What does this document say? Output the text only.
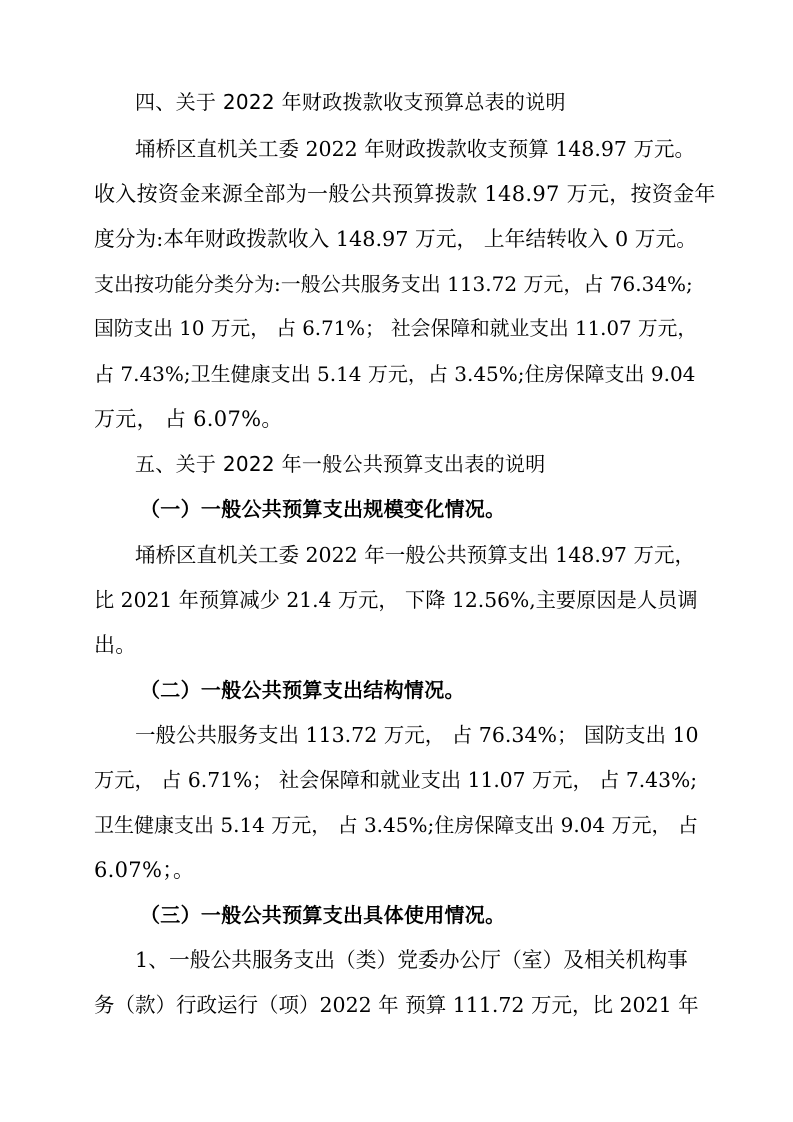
四、关于 2022 年财政拨款收支预算总表的说明
埇桥区直机关工委 2022 年财政拨款收支预算 148.97 万元。
收入按资金来源全部为一般公共预算拨款 148.97 万元，按资金年
度分为:本年财政拨款收入 148.97 万元， 上年结转收入 0 万元。
支出按功能分类分为:一般公共服务支出 113.72 万元，占 76.34%;
国防支出 10 万元， 占 6.71%； 社会保障和就业支出 11.07 万元，
占 7.43%;卫生健康支出 5.14 万元，占 3.45%;住房保障支出 9.04
万元， 占 6.07%。
五、关于 2022 年一般公共预算支出表的说明
（一）一般公共预算支出规模变化情况。
埇桥区直机关工委 2022 年一般公共预算支出 148.97 万元，
比 2021 年预算减少 21.4 万元， 下降 12.56%,主要原因是人员调
出。
（二）一般公共预算支出结构情况。
一般公共服务支出 113.72 万元， 占 76.34%； 国防支出 10
万元， 占 6.71%； 社会保障和就业支出 11.07 万元， 占 7.43%;
卫生健康支出 5.14 万元， 占 3.45%;住房保障支出 9.04 万元， 占
6.07%；。
（三）一般公共预算支出具体使用情况。
1、一般公共服务支出（类）党委办公厅（室）及相关机构事
务（款）行政运行（项）2022 年 预算 111.72 万元，比 2021 年
